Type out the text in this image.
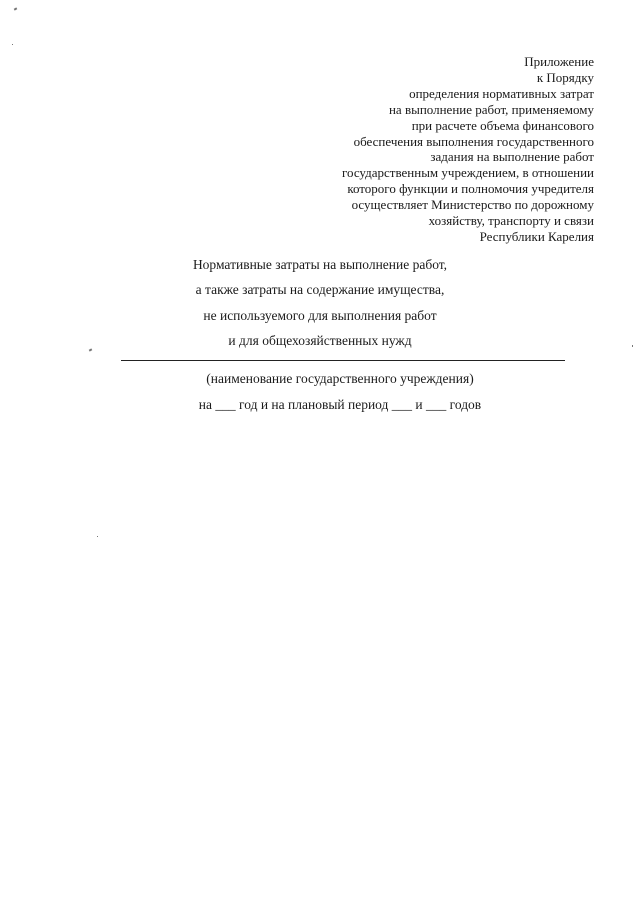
Приложение
к Порядку
определения нормативных затрат
на выполнение работ, применяемому
при расчете объема финансового
обеспечения выполнения государственного
задания на выполнение работ
государственным учреждением, в отношении
которого функции и полномочия учредителя
осуществляет Министерство по дорожному
хозяйству, транспорту и связи
Республики Карелия
Нормативные затраты на выполнение работ,
а также затраты на содержание имущества,
не используемого для выполнения работ
и для общехозяйственных нужд
(наименование государственного учреждения)
на ___ год и на плановый период ___ и ___ годов
